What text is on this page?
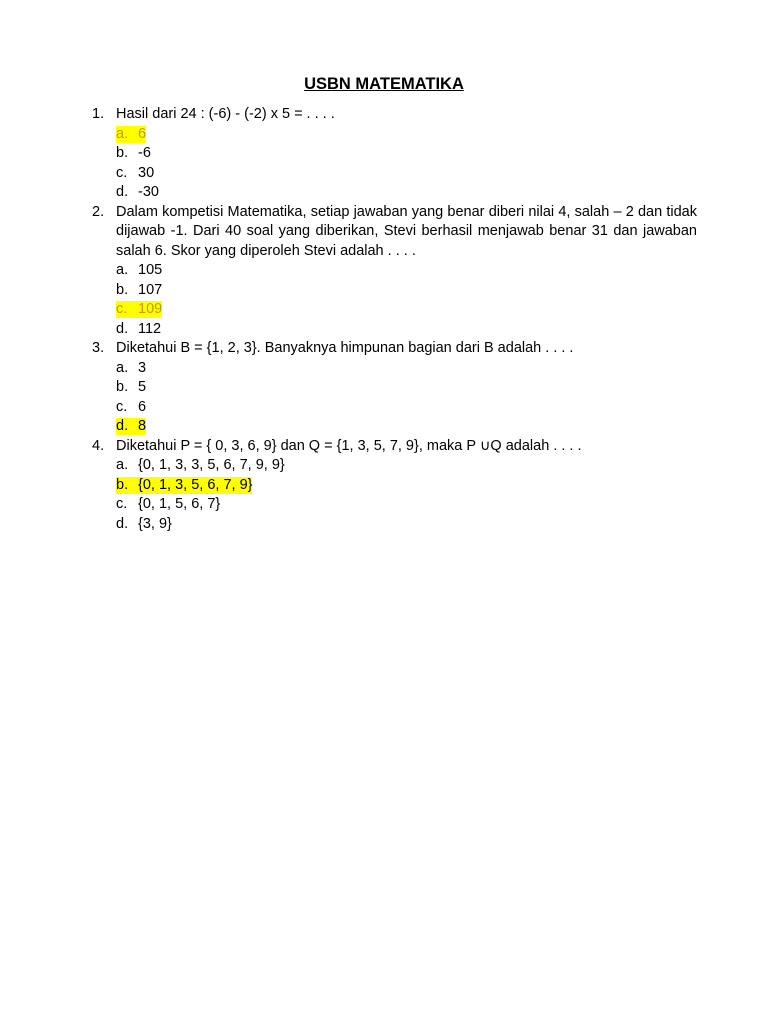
USBN MATEMATIKA
1. Hasil dari 24 : (-6) - (-2) x 5 = . . . .
a. 6
b. -6
c. 30
d. -30
2. Dalam kompetisi Matematika, setiap jawaban yang benar diberi nilai 4, salah – 2 dan tidak dijawab -1. Dari 40 soal yang diberikan, Stevi berhasil menjawab benar 31 dan jawaban salah 6. Skor yang diperoleh Stevi adalah . . . .
a. 105
b. 107
c. 109
d. 112
3. Diketahui B = {1, 2, 3}. Banyaknya himpunan bagian dari B adalah . . . .
a. 3
b. 5
c. 6
d. 8
4. Diketahui P = { 0, 3, 6, 9} dan Q = {1, 3, 5, 7, 9}, maka P ∪Q adalah . . . .
a. {0, 1, 3, 3, 5, 6, 7, 9, 9}
b. {0, 1, 3, 5, 6, 7, 9}
c. {0, 1, 5, 6, 7}
d. {3, 9}
